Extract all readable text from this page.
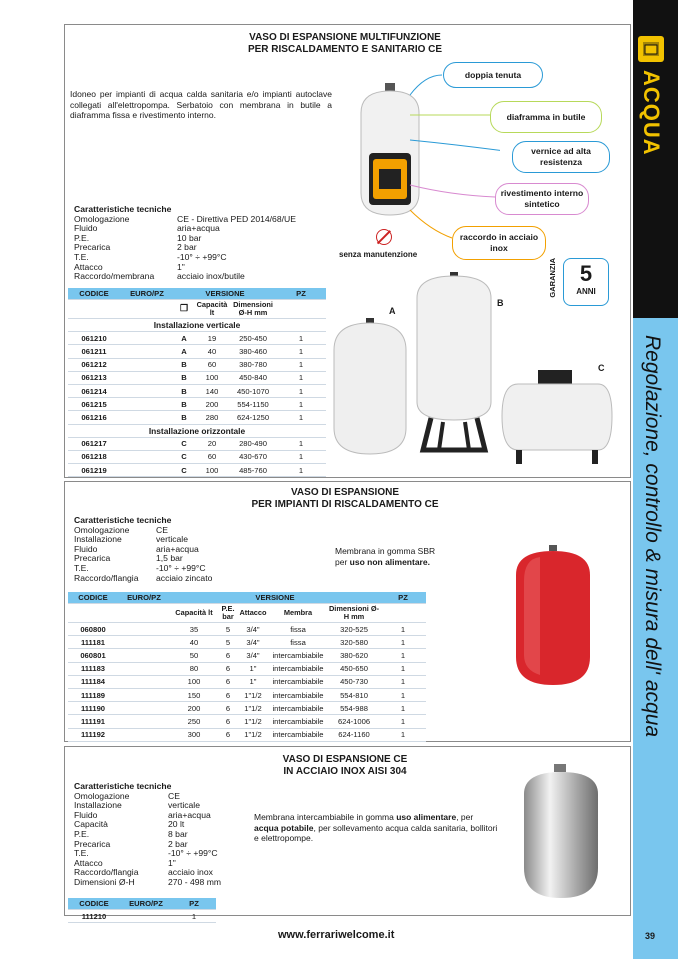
ACQUA
Regolazione, controllo & misura dell' acqua
VASO DI ESPANSIONE MULTIFUNZIONE
PER RISCALDAMENTO E SANITARIO CE
Idoneo per impianti di acqua calda sanitaria e/o impianti autoclave collegati all'elettropompa. Serbatoio con membrana in butile a diaframma fissa e rivestimento interno.
A
B
C
doppia tenuta
diaframma in butile
vernice ad alta resistenza
rivestimento interno sintetico
raccordo in acciaio inox
senza manutenzione
GARANZIA	5
ANNI
Caratteristiche tecniche
Omologazione	CE - Direttiva PED 2014/68/UE
Fluido	aria+acqua
P.E.	10 bar
Precarica	2 bar
T.E.	-10° ÷ +99°C
Attacco	1"
Raccordo/membrana	acciaio inox/butile
CODICE	EURO/PZ	VERSIONE			PZ
		❐	Capacità lt	Dimensioni Ø-H mm	
Installazione verticale					
061210		A	19	250-450	1
061211		A	40	380-460	1
061212		B	60	380-780	1
061213		B	100	450-840	1
061214		B	140	450-1070	1
061215		B	200	554-1150	1
061216		B	280	624-1250	1
Installazione orizzontale					
061217		C	20	280-490	1
061218		C	60	430-670	1
061219		C	100	485-760	1
VASO DI ESPANSIONE
PER IMPIANTI DI RISCALDAMENTO CE
Caratteristiche tecniche
Omologazione	CE
Installazione	verticale
Fluido	aria+acqua
Precarica	1,5 bar
T.E.	-10° ÷ +99°C
Raccordo/flangia	acciaio zincato
Membrana in gomma SBR
per uso non alimentare.
CODICE	EURO/PZ	VERSIONE					PZ
		Capacità lt	P.E. bar	Attacco	Membra	Dimensioni Ø-H mm	
060800		35	5	3/4"	fissa	320-525	1
111181		40	5	3/4"	fissa	320-580	1
060801		50	6	3/4"	intercambiabile	380-620	1
111183		80	6	1"	intercambiabile	450-650	1
111184		100	6	1"	intercambiabile	450-730	1
111189		150	6	1"1/2	intercambiabile	554-810	1
111190		200	6	1"1/2	intercambiabile	554-988	1
111191		250	6	1"1/2	intercambiabile	624-1006	1
111192		300	6	1"1/2	intercambiabile	624-1160	1
VASO DI ESPANSIONE CE
IN ACCIAIO INOX AISI 304
Caratteristiche tecniche
Omologazione	CE
Installazione	verticale
Fluido	aria+acqua
Capacità	20 lt
P.E.	8 bar
Precarica	2 bar
T.E.	-10° ÷ +99°C
Attacco	1"
Raccordo/flangia	acciaio inox
Dimensioni Ø-H	270 - 498 mm
Membrana intercambiabile in gomma uso alimentare, per acqua potabile, per sollevamento acqua calda sanitaria, bollitori e elettropompe.
CODICE	EURO/PZ	PZ
111210		1
www.ferrariwelcome.it	39
